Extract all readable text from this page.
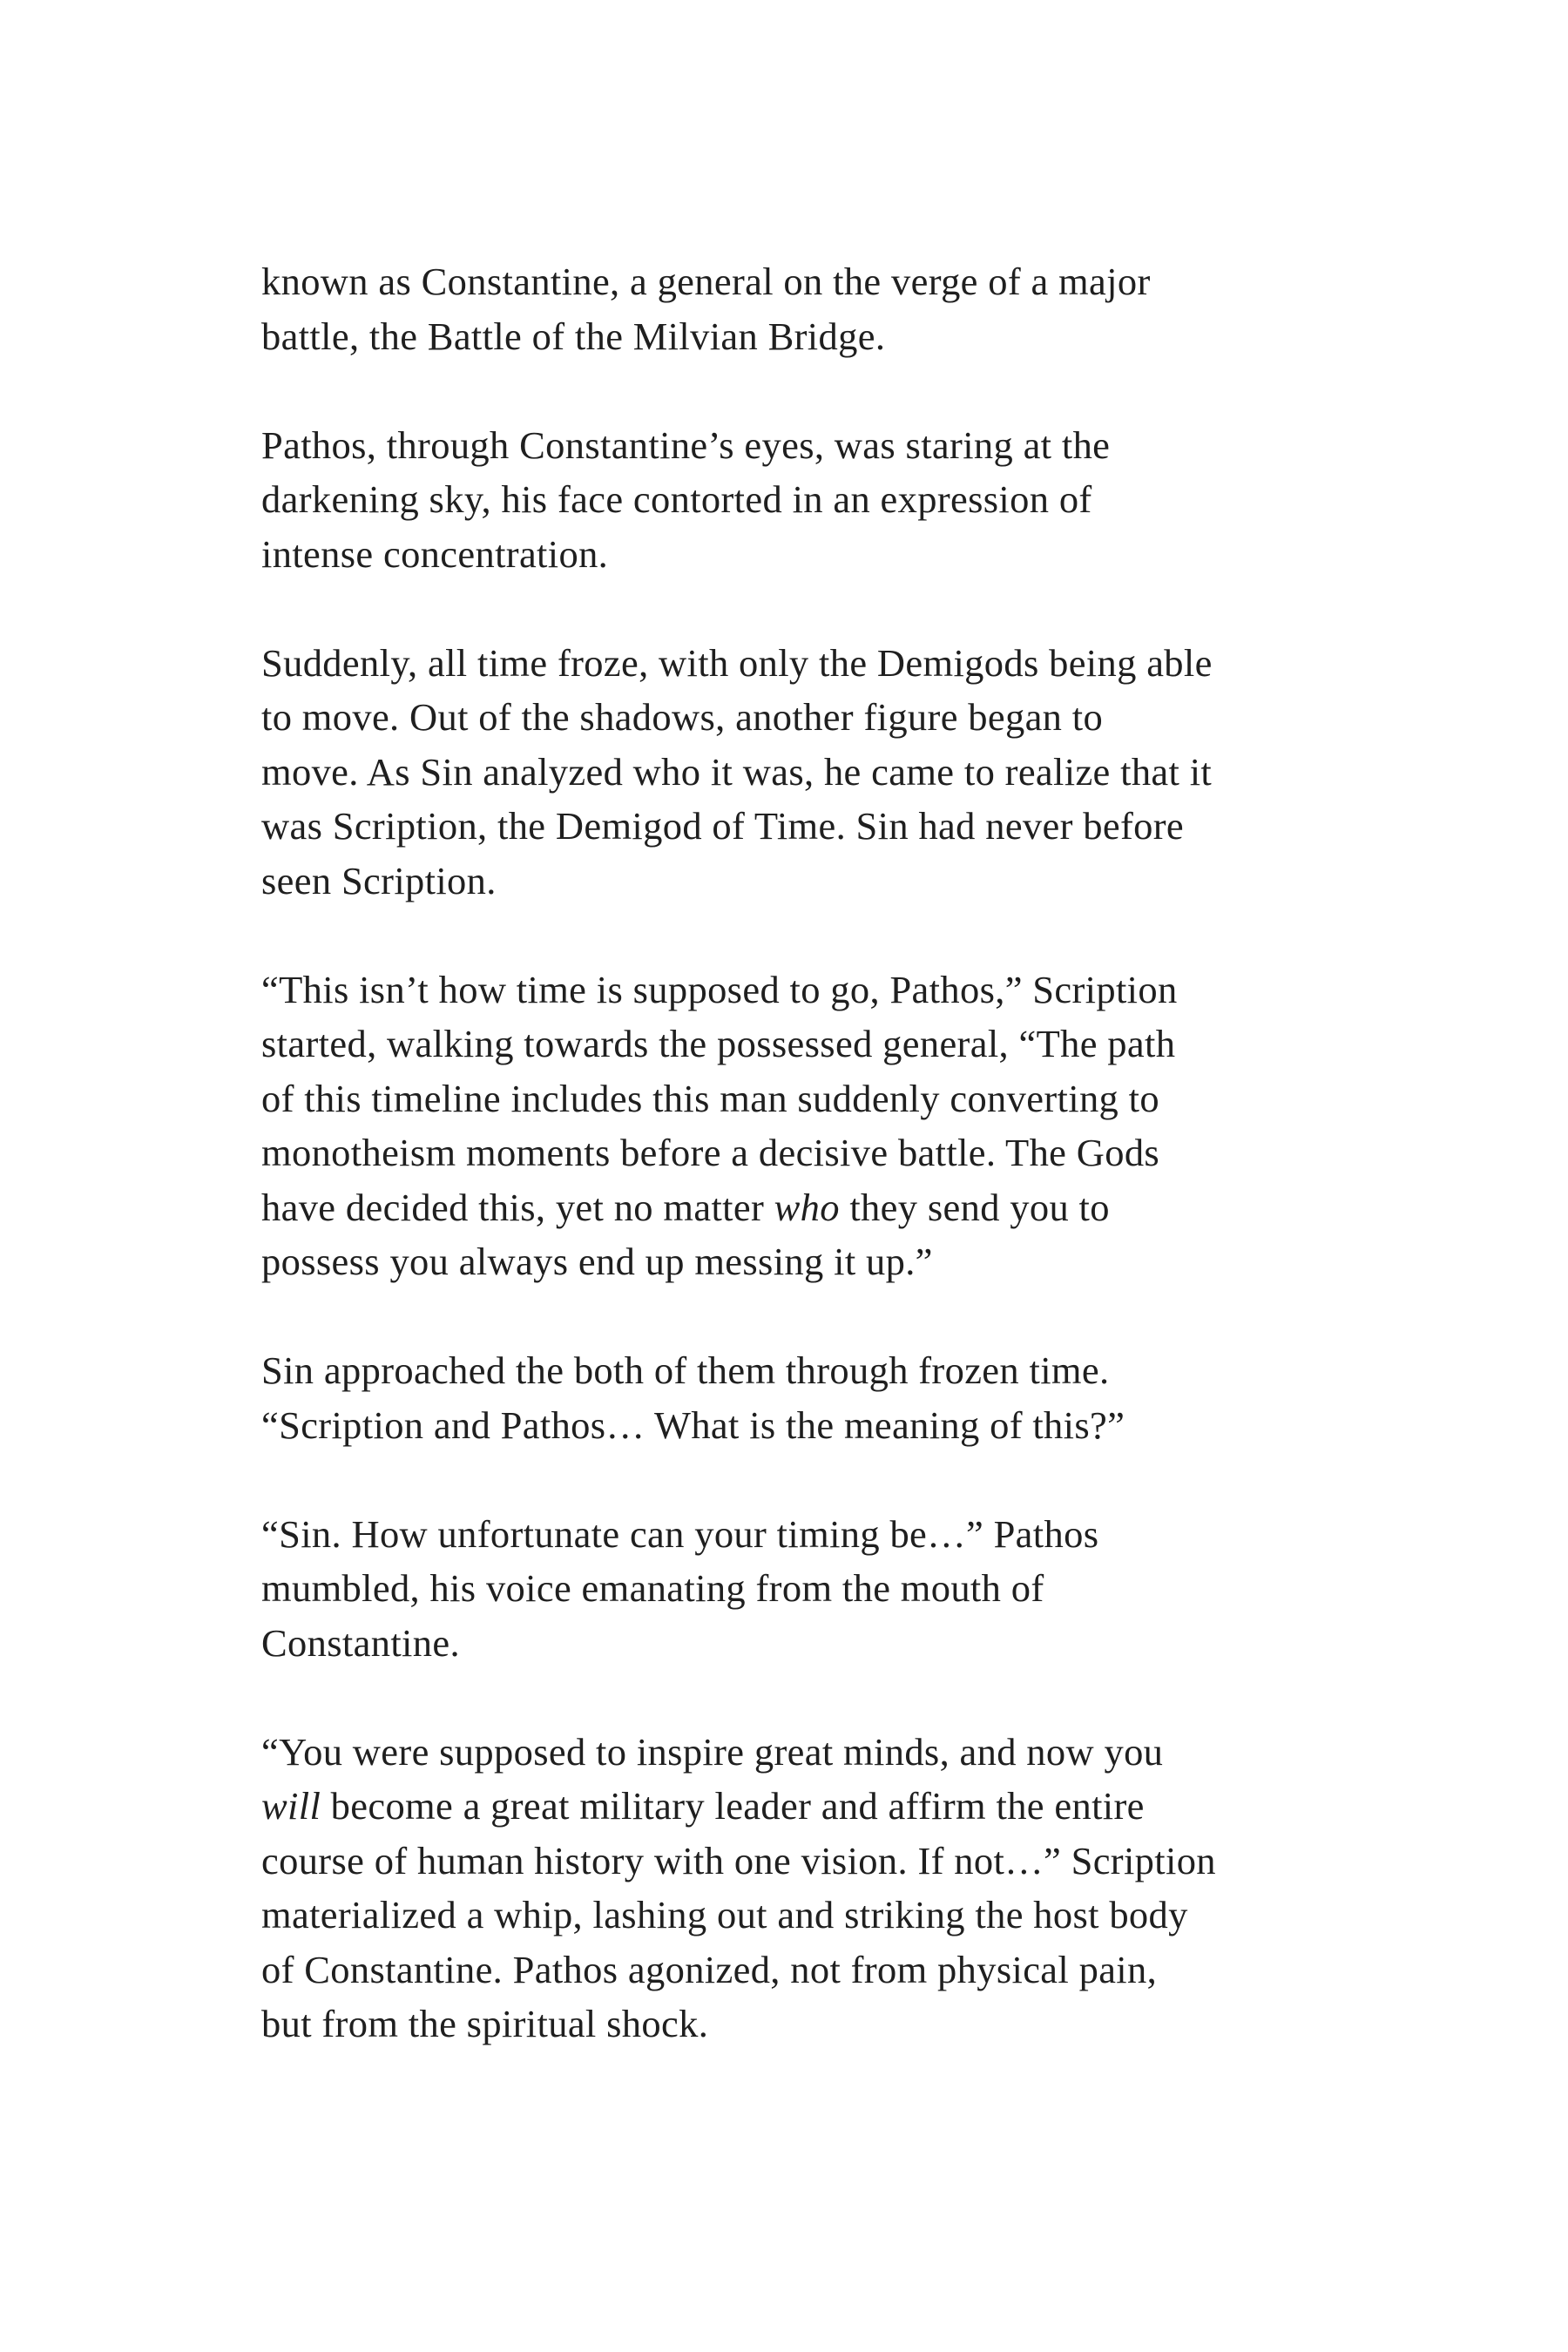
known as Constantine, a general on the verge of a major
battle, the Battle of the Milvian Bridge.

Pathos, through Constantine’s eyes, was staring at the
darkening sky, his face contorted in an expression of
intense concentration.

Suddenly, all time froze, with only the Demigods being able
to move. Out of the shadows, another figure began to
move. As Sin analyzed who it was, he came to realize that it
was Scription, the Demigod of Time. Sin had never before
seen Scription.

“This isn’t how time is supposed to go, Pathos,” Scription
started, walking towards the possessed general, “The path
of this timeline includes this man suddenly converting to
monotheism moments before a decisive battle. The Gods
have decided this, yet no matter who they send you to
possess you always end up messing it up.”

Sin approached the both of them through frozen time.
“Scription and Pathos… What is the meaning of this?”

“Sin. How unfortunate can your timing be…” Pathos
mumbled, his voice emanating from the mouth of
Constantine.

“You were supposed to inspire great minds, and now you
will become a great military leader and affirm the entire
course of human history with one vision. If not…” Scription
materialized a whip, lashing out and striking the host body
of Constantine. Pathos agonized, not from physical pain,
but from the spiritual shock.
